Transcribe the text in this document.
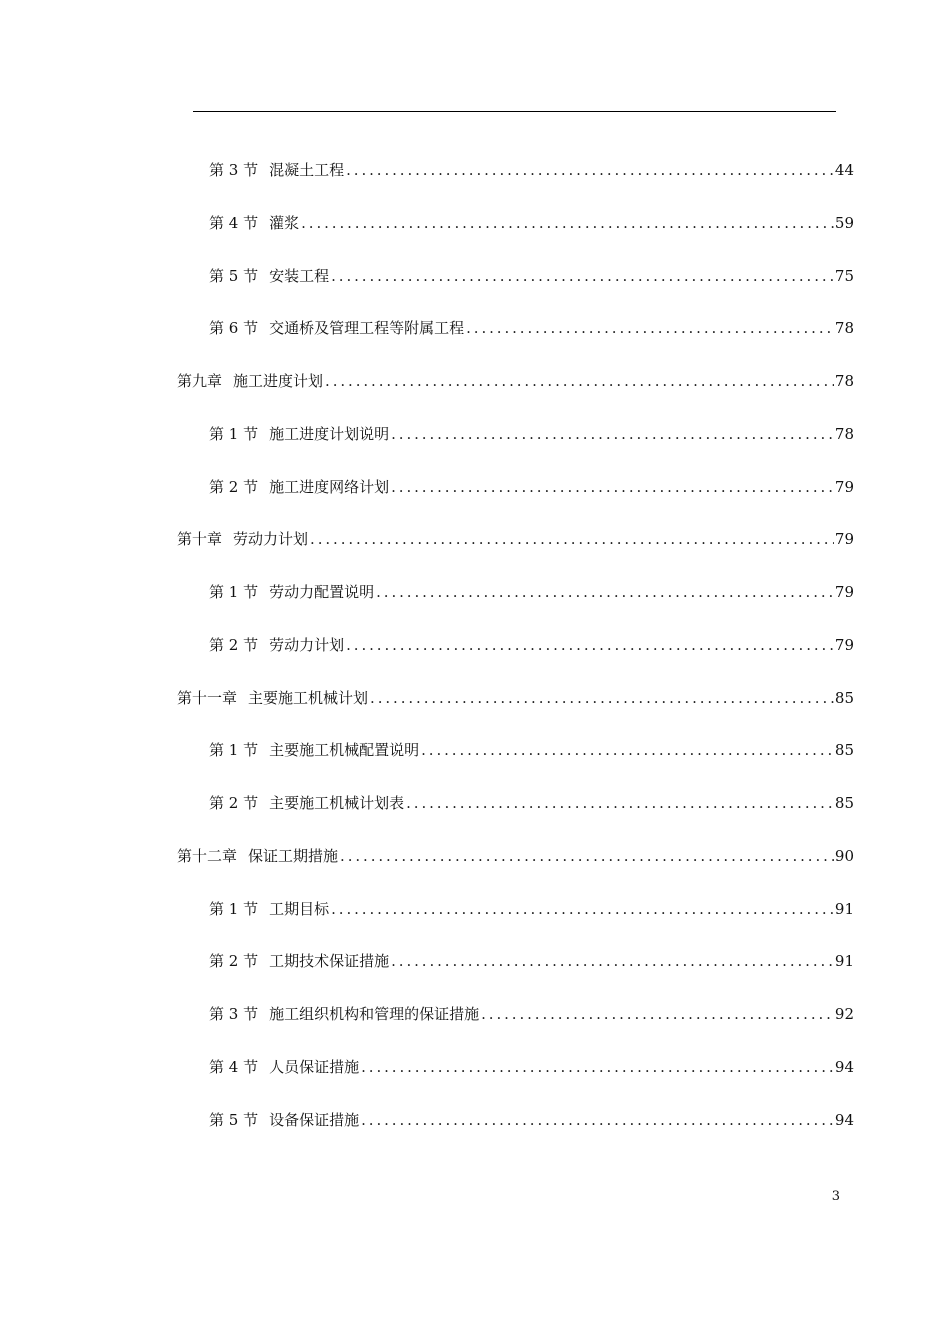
第 3 节 混凝土工程 .....	44
第 4 节 灌浆 .....	59
第 5 节 安装工程 .....	75
第 6 节 交通桥及管理工程等附属工程 .....	78
第九章 施工进度计划 .....	78
第 1 节 施工进度计划说明 .....	78
第 2 节 施工进度网络计划 .....	79
第十章 劳动力计划 .....	79
第 1 节 劳动力配置说明 .....	79
第 2 节 劳动力计划 .....	79
第十一章 主要施工机械计划 .....	85
第 1 节 主要施工机械配置说明 .....	85
第 2 节 主要施工机械计划表 .....	85
第十二章 保证工期措施 .....	90
第 1 节 工期目标 .....	91
第 2 节 工期技术保证措施 .....	91
第 3 节 施工组织机构和管理的保证措施 .....	92
第 4 节 人员保证措施 .....	94
第 5 节 设备保证措施 .....	94
3
